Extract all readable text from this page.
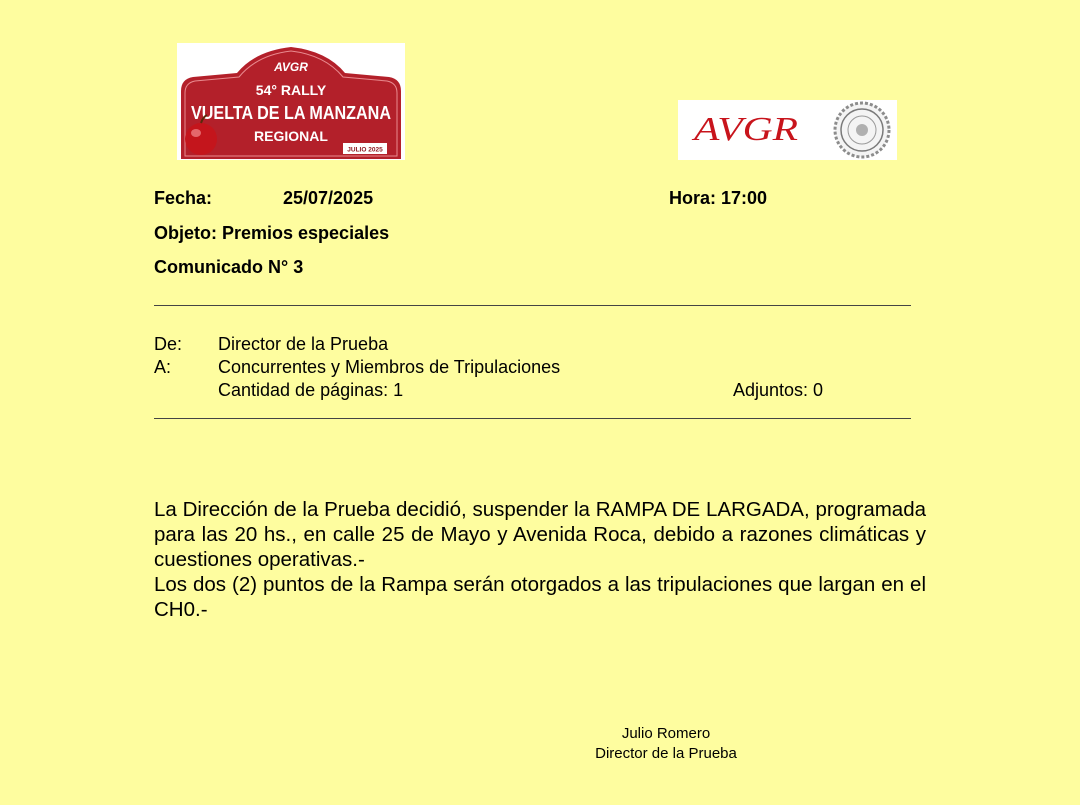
AVGR
54° RALLY
VUELTA DE LA MANZANA
REGIONAL
JULIO 2025
AVGR
Fecha:	25/07/2025	Hora: 17:00
Objeto: Premios especiales
Comunicado N° 3
De: Director de la Prueba
A:	Concurrentes y Miembros de Tripulaciones
Cantidad de páginas: 1	Adjuntos: 0

La Dirección de la Prueba decidió, suspender la RAMPA DE LARGADA, programada para las 20 hs., en calle 25 de Mayo y Avenida Roca, debido a razones climáticas y cuestiones operativas.-

Los dos (2) puntos de la Rampa serán otorgados a las tripulaciones que largan en el CH0.-

Julio Romero
Director de la Prueba
